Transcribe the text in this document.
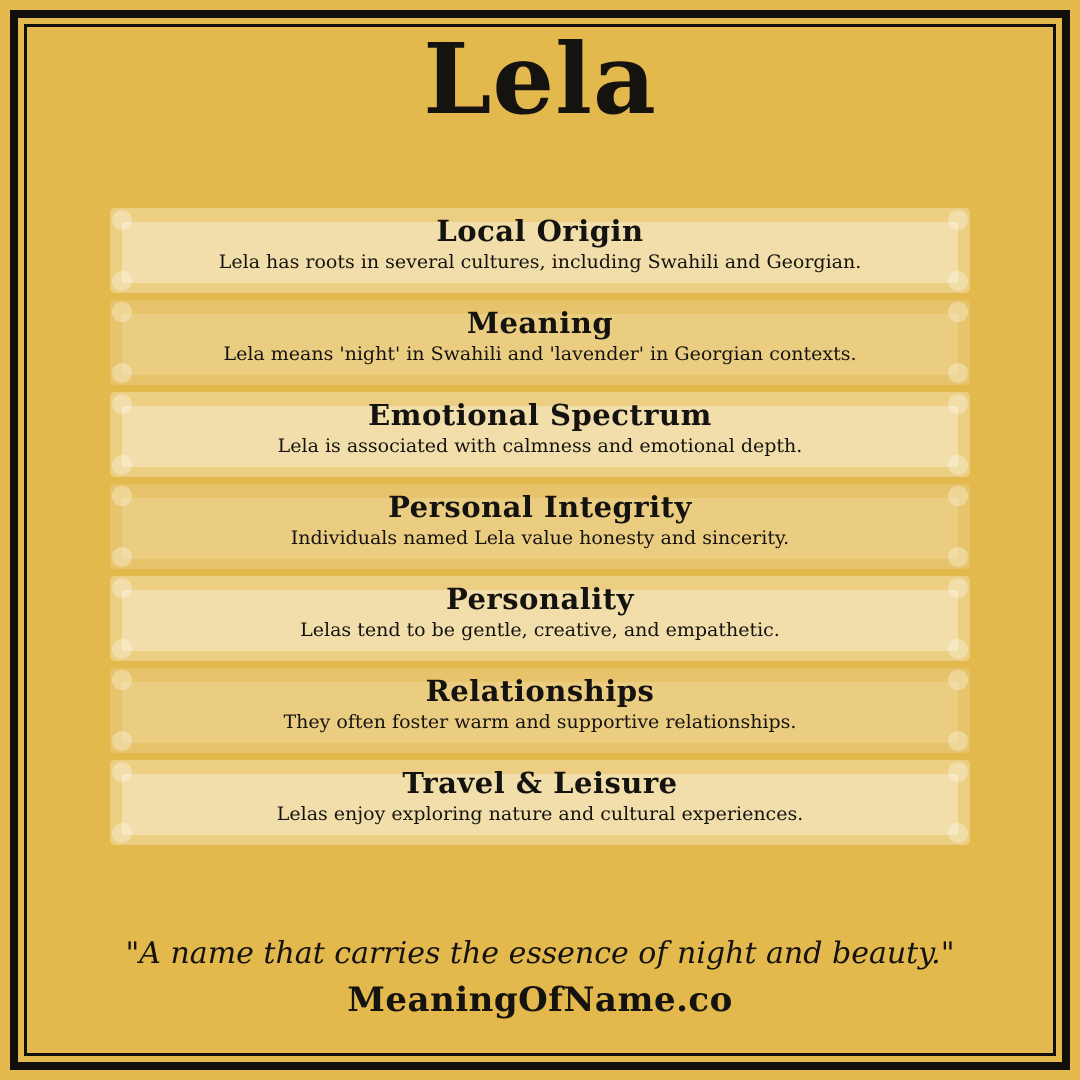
Lela
Local Origin

Lela has roots in several cultures, including Swahili and Georgian.

Meaning

Lela means 'night' in Swahili and 'lavender' in Georgian contexts.

Emotional Spectrum

Lela is associated with calmness and emotional depth.

Personal Integrity

Individuals named Lela value honesty and sincerity.

Personality

Lelas tend to be gentle, creative, and empathetic.

Relationships

They often foster warm and supportive relationships.

Travel & Leisure

Lelas enjoy exploring nature and cultural experiences.

"A name that carries the essence of night and beauty."

MeaningOfName.co
